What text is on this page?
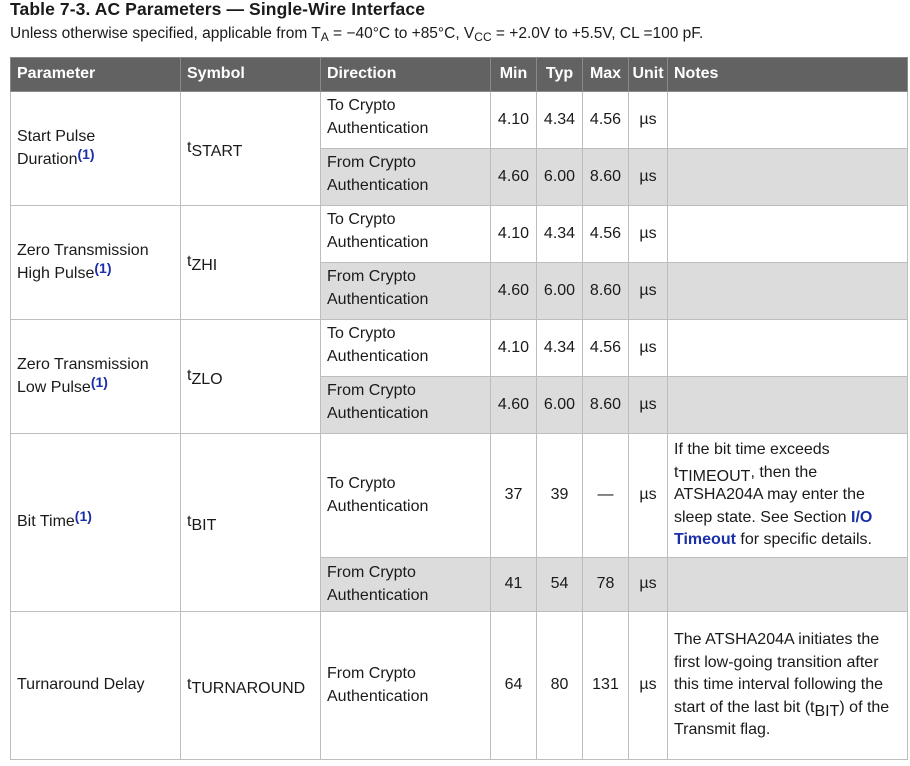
Table 7-3. AC Parameters — Single-Wire Interface
Unless otherwise specified, applicable from $T_A = -40^\circ C$ to +85°C, $V_{CC} = +2.0V$ to +5.5V, CL =100 pF.
Parameter	Symbol	Direction	Min	Typ	Max	Unit	Notes
Start Pulse
Duration(1)	tSTART	To Crypto Authentication	4.10	4.34	4.56	µs	
		From Crypto Authentication	4.60	6.00	8.60	µs	
Zero Transmission
High Pulse(1)	tZHI	To Crypto Authentication	4.10	4.34	4.56	µs	
		From Crypto Authentication	4.60	6.00	8.60	µs	
Zero Transmission
Low Pulse(1)	tZLO	To Crypto Authentication	4.10	4.34	4.56	µs	
		From Crypto Authentication	4.60	6.00	8.60	µs	
Bit Time(1)	tBIT	To Crypto Authentication	37	39	—	µs	If the bit time exceeds tTIMEOUT, then the ATSHA204A may enter the sleep state. See Section I/O Timeout for specific details.
		From Crypto Authentication	41	54	78	µs	
Turnaround Delay	tTURNAROUND	From Crypto Authentication	64	80	131	µs	The ATSHA204A initiates the first low-going transition after this time interval following the start of the last bit (tBIT) of the Transmit flag.
